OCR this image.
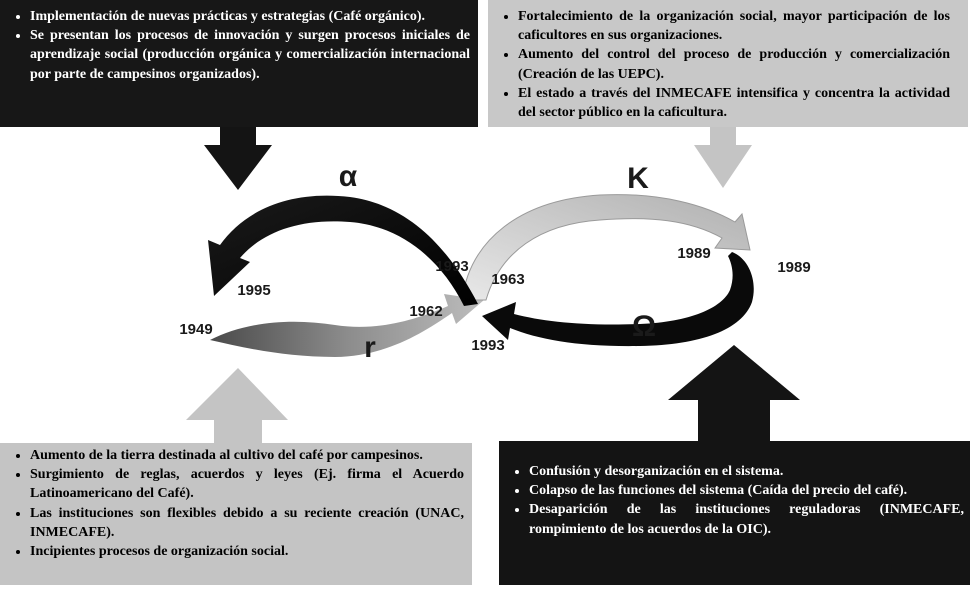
• Implementación de nuevas prácticas y estrategias (Café orgánico).
• Se presentan los procesos de innovación y surgen procesos iniciales de aprendizaje social (producción orgánica y comercialización internacional por parte de campesinos organizados).
• Fortalecimiento de la organización social, mayor participación de los caficultores en sus organizaciones.
• Aumento del control del proceso de producción y comercialización (Creación de las UEPC).
• El estado a través del INMECAFE intensifica y concentra la actividad del sector público en la caficultura.
• Aumento de la tierra destinada al cultivo del café por campesinos.
• Surgimiento de reglas, acuerdos y leyes (Ej. firma el Acuerdo Latinoamericano del Café).
• Las instituciones son flexibles debido a su reciente creación (UNAC, INMECAFE).
• Incipientes procesos de organización social.
• Confusión y desorganización en el sistema.
• Colapso de las funciones del sistema (Caída del precio del café).
• Desaparición de las instituciones reguladoras (INMECAFE, rompimiento de los acuerdos de la OIC).
α	K
Ω
r
1995
1949
1962
1993
1963
1993
1989
1989
